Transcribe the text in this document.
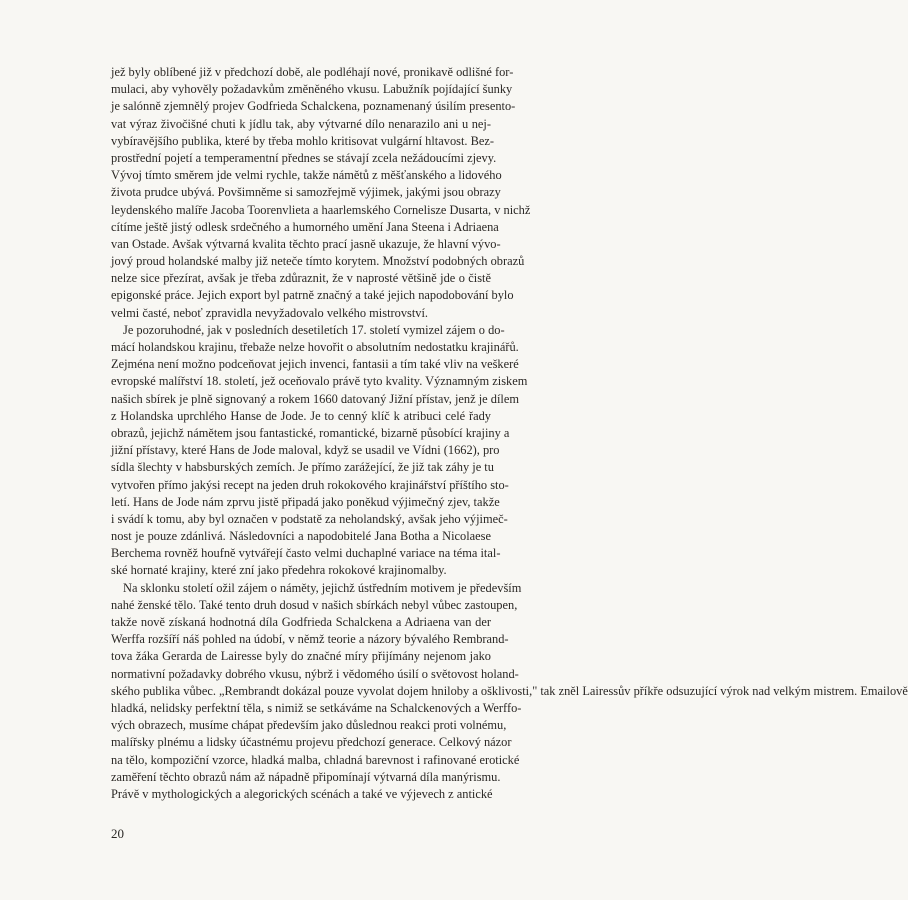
jež byly oblíbené již v předchozí době, ale podléhají nové, pronikavě odlišné for-
mulaci, aby vyhověly požadavkům změněného vkusu. Labužník pojídající šunky
je salónně zjemnělý projev Godfrieda Schalckena, poznamenaný úsilím presento-
vat výraz živočišné chuti k jídlu tak, aby výtvarné dílo nenarazilo ani u nej-
vybíravějšího publika, které by třeba mohlo kritisovat vulgární hltavost. Bez-
prostřední pojetí a temperamentní přednes se stávají zcela nežádoucími zjevy.
Vývoj tímto směrem jde velmi rychle, takže námětů z měšťanského a lidového
života prudce ubývá. Povšimněme si samozřejmě výjimek, jakými jsou obrazy
leydenského malíře Jacoba Toorenvlieta a haarlemského Cornelisze Dusarta, v nichž
cítíme ještě jistý odlesk srdečného a humorného umění Jana Steena i Adriaena
van Ostade. Avšak výtvarná kvalita těchto prací jasně ukazuje, že hlavní vývo-
jový proud holandské malby již neteče tímto korytem. Množství podobných obrazů
nelze sice přezírat, avšak je třeba zdůraznit, že v naprosté většině jde o čistě
epigonské práce. Jejich export byl patrně značný a také jejich napodobování bylo
velmi časté, neboť zpravidla nevyžadovalo velkého mistrovství.
Je pozoruhodné, jak v posledních desetiletích 17. století vymizel zájem o do-
mácí holandskou krajinu, třebaže nelze hovořit o absolutním nedostatku krajinářů.
Zejména není možno podceňovat jejich invenci, fantasii a tím také vliv na veškeré
evropské malířství 18. století, jež oceňovalo právě tyto kvality. Významným ziskem
našich sbírek je plně signovaný a rokem 1660 datovaný Jižní přístav, jenž je dílem
z Holandska uprchlého Hanse de Jode. Je to cenný klíč k atribuci celé řady
obrazů, jejichž námětem jsou fantastické, romantické, bizarně působící krajiny a
jižní přístavy, které Hans de Jode maloval, když se usadil ve Vídni (1662), pro
sídla šlechty v habsburských zemích. Je přímo zarážející, že již tak záhy je tu
vytvořen přímo jakýsi recept na jeden druh rokokového krajinářství příštího sto-
letí. Hans de Jode nám zprvu jistě připadá jako poněkud výjimečný zjev, takže
i svádí k tomu, aby byl označen v podstatě za neholandský, avšak jeho výjimeč-
nost je pouze zdánlivá. Následovníci a napodobitelé Jana Botha a Nicolaese
Berchema rovněž houfně vytvářejí často velmi duchaplné variace na téma ital-
ské hornaté krajiny, které zní jako předehra rokokové krajinomalby.
Na sklonku století ožil zájem o náměty, jejichž ústředním motivem je především
nahé ženské tělo. Také tento druh dosud v našich sbírkách nebyl vůbec zastoupen,
takže nově získaná hodnotná díla Godfrieda Schalckena a Adriaena van der
Werffa rozšíří náš pohled na údobí, v němž teorie a názory bývalého Rembrand-
tova žáka Gerarda de Lairesse byly do značné míry přijímány nejenom jako
normativní požadavky dobrého vkusu, nýbrž i vědomého úsilí o světovost holand-
ského publika vůbec. „Rembrandt dokázal pouze vyvolat dojem hniloby a ošklivosti," tak zněl Lairessův příkře odsuzující výrok nad velkým mistrem. Emailově
hladká, nelidsky perfektní těla, s nimiž se setkáváme na Schalckenových a Werffo-
vých obrazech, musíme chápat především jako důslednou reakci proti volnému,
malířsky plnému a lidsky účastnému projevu předchozí generace. Celkový názor
na tělo, kompoziční vzorce, hladká malba, chladná barevnost i rafinované erotické
zaměření těchto obrazů nám až nápadně připomínají výtvarná díla manýrismu.
Právě v mythologických a alegorických scénách a také ve výjevech z antické
20
